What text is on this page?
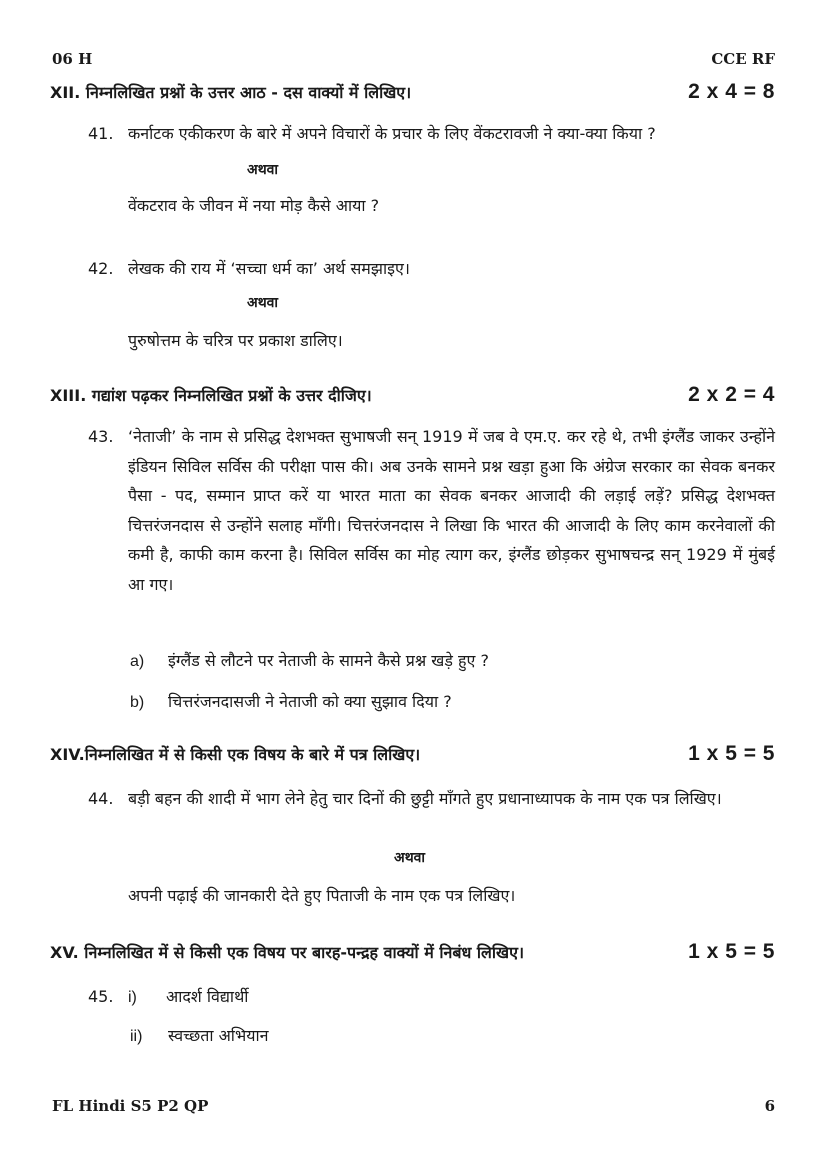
06 H	CCE RF
XII. निम्नलिखित प्रश्नों के उत्तर आठ - दस वाक्यों में लिखिए।	2 x 4 = 8
41. कर्नाटक एकीकरण के बारे में अपने विचारों के प्रचार के लिए वेंकटरावजी ने क्या-क्या किया ?
अथवा
वेंकटराव के जीवन में नया मोड़ कैसे आया ?
42. लेखक की राय में ‘सच्चा धर्म का’ अर्थ समझाइए।
अथवा
पुरुषोत्तम के चरित्र पर प्रकाश डालिए।
XIII. गद्यांश पढ़कर निम्नलिखित प्रश्नों के उत्तर दीजिए।	2 x 2 = 4
43. ‘नेताजी’ के नाम से प्रसिद्ध देशभक्त सुभाषजी सन् 1919 में जब वे एम.ए. कर रहे थे, तभी इंग्लैंड जाकर उन्होंने इंडियन सिविल सर्विस की परीक्षा पास की। अब उनके सामने प्रश्न खड़ा हुआ कि अंग्रेज सरकार का सेवक बनकर पैसा - पद, सम्मान प्राप्त करें या भारत माता का सेवक बनकर आजादी की लड़ाई लड़ें? प्रसिद्ध देशभक्त चित्तरंजनदास से उन्होंने सलाह माँगी। चित्तरंजनदास ने लिखा कि भारत की आजादी के लिए काम करनेवालों की कमी है, काफी काम करना है। सिविल सर्विस का मोह त्याग कर, इंग्लैंड छोड़कर सुभाषचन्द्र सन् 1929 में मुंबई आ गए।
a) इंग्लैंड से लौटने पर नेताजी के सामने कैसे प्रश्न खड़े हुए ?
b) चित्तरंजनदासजी ने नेताजी को क्या सुझाव दिया ?
XIV.निम्नलिखित में से किसी एक विषय के बारे में पत्र लिखिए।	1 x 5 = 5
44. बड़ी बहन की शादी में भाग लेने हेतु चार दिनों की छुट्टी माँगते हुए प्रधानाध्यापक के नाम एक पत्र लिखिए।
अथवा
अपनी पढ़ाई की जानकारी देते हुए पिताजी के नाम एक पत्र लिखिए।
XV. निम्नलिखित में से किसी एक विषय पर बारह-पन्द्रह वाक्यों में निबंध लिखिए।	1 x 5 = 5
45. i) आदर्श विद्यार्थी
ii) स्वच्छता अभियान
FL Hindi S5 P2 QP	6
